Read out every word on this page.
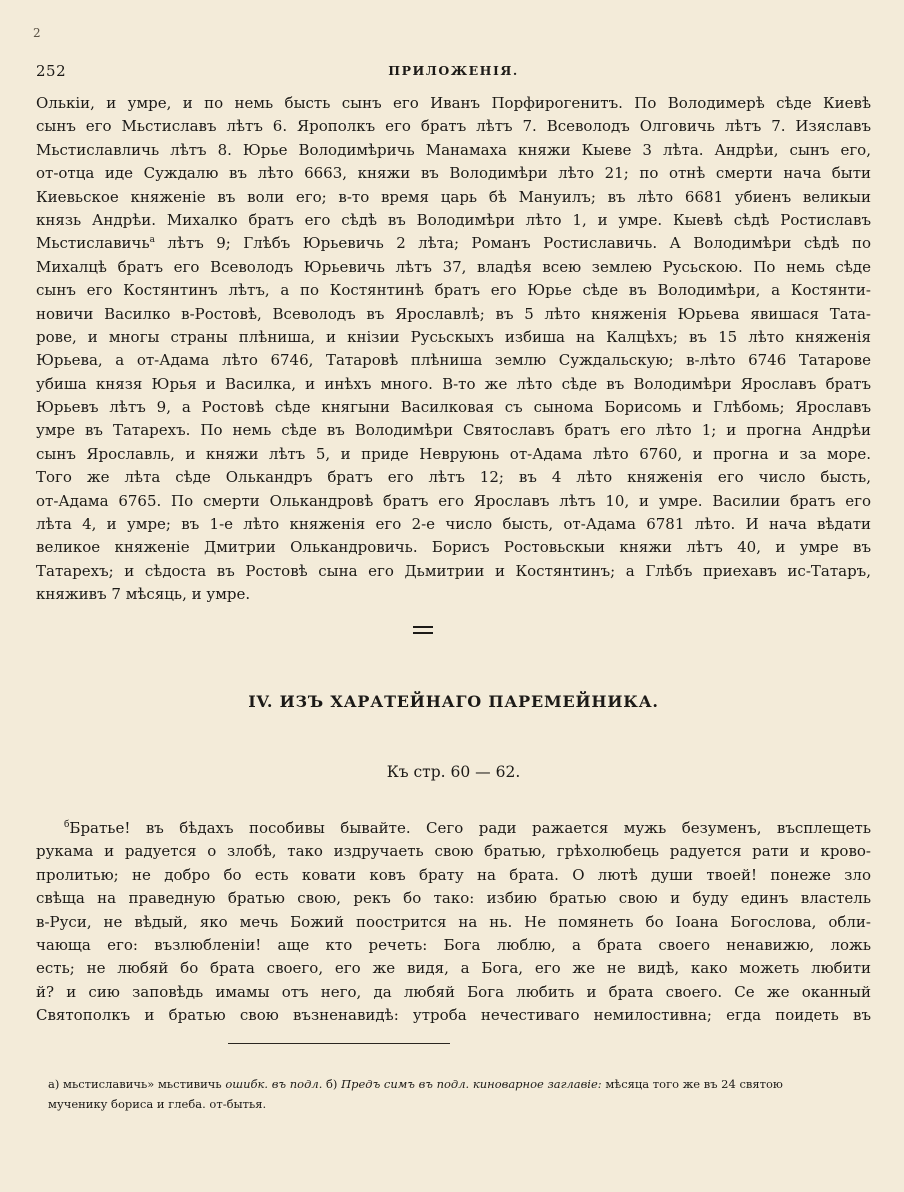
2
252	ПРИЛОЖЕНІЯ.
Олькіи, и умре, и по немь бысть сынъ его Иванъ Порфирогенитъ. По Володимерѣ сѣде Киевѣ
сынъ его Мьстиславъ лѣтъ 6. Ярополкъ его братъ лѣтъ 7. Всеволодъ Олговичь лѣтъ 7. Изяславъ
Мьстиславличь лѣтъ 8. Юрье Володимѣричь Манамаха княжи Кыеве 3 лѣта. Андрѣи, сынъ его,
от-отца иде Суждалю въ лѣто 6663, княжи въ Володимѣри лѣто 21; по отнѣ смерти нача быти
Киевьское княженіе въ воли его; в-то время царь бѣ Мануилъ; въ лѣто 6681 убиенъ великыи
князь Андрѣи. Михалко братъ его сѣдѣ въ Володимѣри лѣто 1, и умре. Кыевѣ сѣдѣ Ростиславъ
Мьстиславичь$^а$ лѣтъ 9; Глѣбъ Юрьевичь 2 лѣта; Романъ Ростиславичь. А Володимѣри сѣдѣ по
Михалцѣ братъ его Всеволодъ Юрьевичь лѣтъ 37, владѣя всею землею Русьскою. По немь сѣде
сынъ его Костянтинъ лѣтъ, а по Костянтинѣ братъ его Юрье сѣде въ Володимѣри, а Костянти-
новичи Василко в-Ростовѣ, Всеволодъ въ Ярославлѣ; въ 5 лѣто княженія Юрьева явишася Тата-
рове, и многы страны плѣниша, и кнізии Русьскыхъ избиша на Калцѣхъ; въ 15 лѣто княженія
Юрьева, а от-Адама лѣто 6746, Татаровѣ плѣниша землю Суждальскую; в-лѣто 6746 Татарове
убиша князя Юрья и Василка, и инѣхъ много. В-то же лѣто сѣде въ Володимѣри Ярославъ братъ
Юрьевъ лѣтъ 9, а Ростовѣ сѣде княгыни Василковая съ сынома Борисомь и Глѣбомь; Ярославъ
умре въ Татарехъ. По немь сѣде въ Володимѣри Святославъ братъ его лѣто 1; и прогна Андрѣи
сынъ Ярославль, и княжи лѣтъ 5, и приде Невруюнь от-Адама лѣто 6760, и прогна и за море.
Того же лѣта сѣде Олькандръ братъ его лѣтъ 12; въ 4 лѣто княженія его число бысть,
от-Адама 6765. По смерти Олькандровѣ братъ его Ярославъ лѣтъ 10, и умре. Василии братъ его
лѣта 4, и умре; въ 1-е лѣто княженія его 2-е число бысть, от-Адама 6781 лѣто. И нача вѣдати
великое княженіе Дмитрии Олькандровичь. Борисъ Ростовьскыи княжи лѣтъ 40, и умре въ
Татарехъ; и сѣдоста въ Ростовѣ сына его Дьмитрии и Костянтинъ; а Глѣбъ приехавъ ис-Татаръ,
княживъ 7 мѣсяць, и умре.
IV. ИЗЪ ХАРАТЕЙНАГО ПАРЕМЕЙНИКА.
Къ стр. 60 — 62.
$^б$Братье! въ бѣдахъ пособивы бывайте. Сего ради ражается мужь безуменъ, въсплещеть
рукама и радуется о злобѣ, тако издручаеть свою братью, грѣхолюбець радуется рати и крово-
пролитью; не добро бо есть ковати ковъ брату на брата. О лютѣ души твоей! понеже зло
свѣща на праведную братью свою, рекъ бо тако: избию братью свою и буду единъ властель
в-Руси, не вѣдый, яко мечь Божий поострится на нь. Не помянеть бо Іоана Богослова, обли-
чающа его: възлюбленіи! аще кто речеть: Бога люблю, а брата своего ненавижю, ложь
есть; не любяй бо брата своего, его же видя, а Бога, его же не видѣ, како можеть любити
й? и сию заповѣдь имамы отъ него, да любяй Бога любить и брата своего. Се же оканный
Святополкъ и братью свою възненавидѣ: утроба нечестиваго немилостивна; егда поидеть въ
а) мьстиславичь» мьстивичь ошибк. въ подл. б) Предъ симъ въ подл. киноварное заглавіе: мѣсяца того же въ 24 святою
мученику бориса и глеба. от-бытья.
